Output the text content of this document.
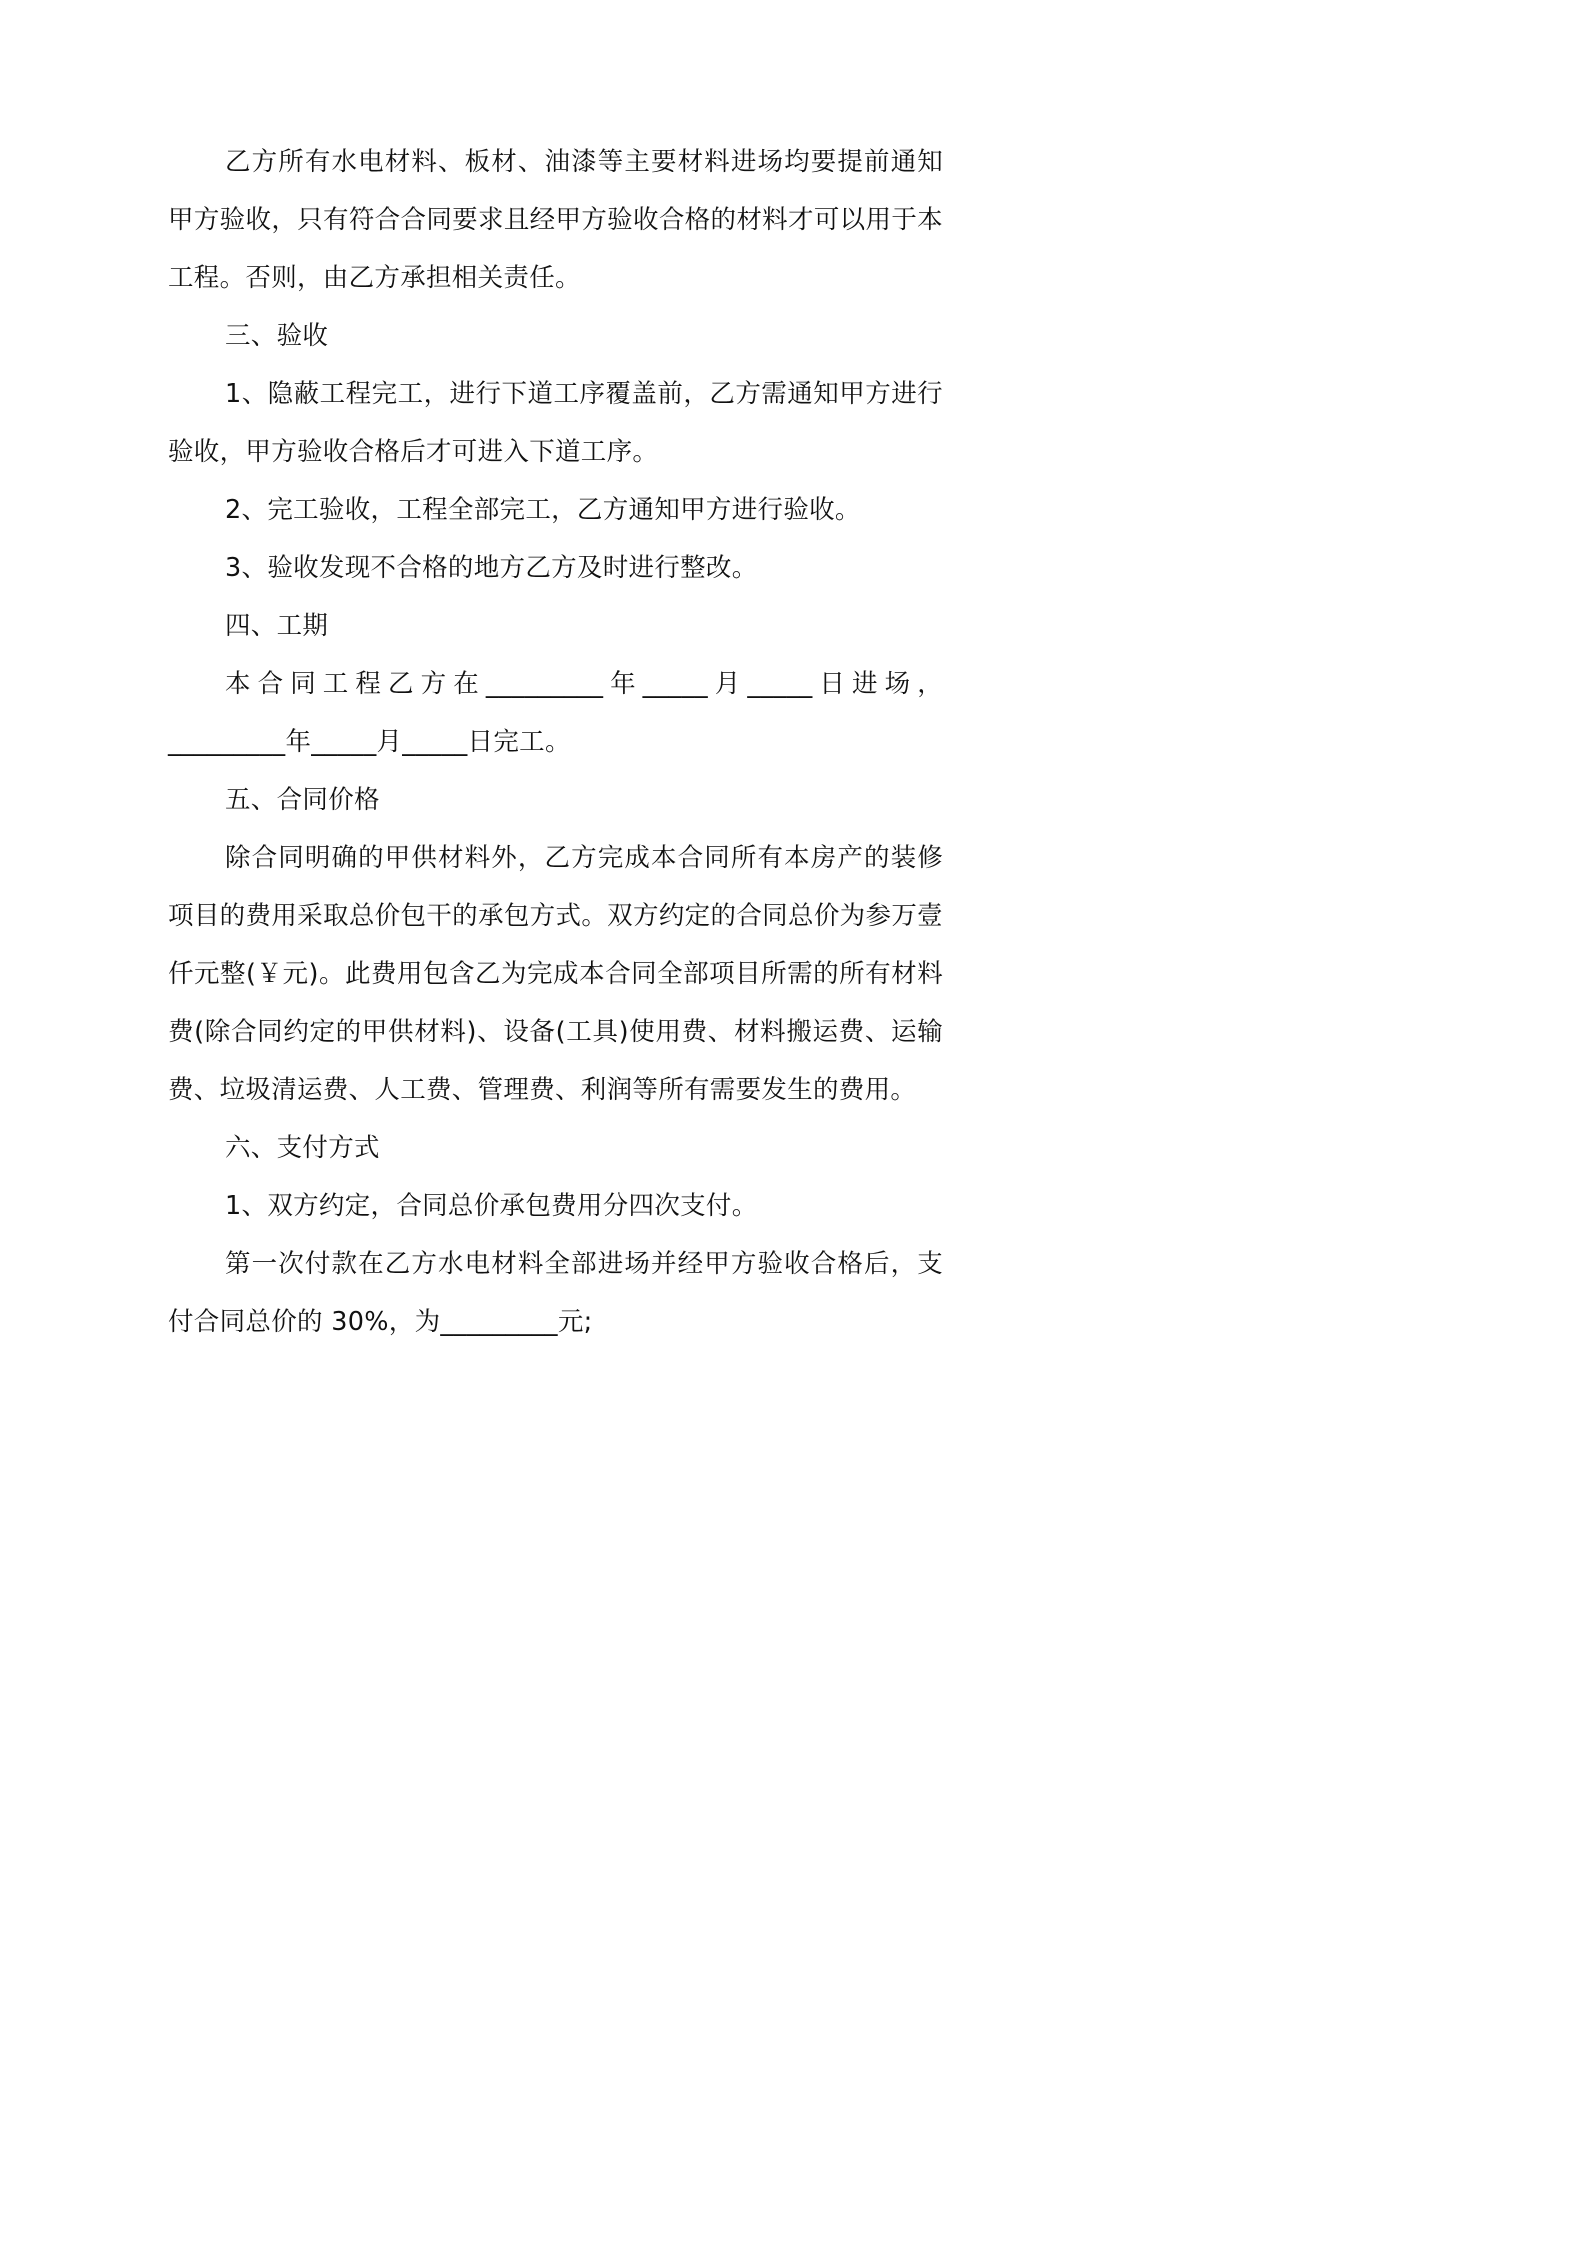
乙方所有水电材料、板材、油漆等主要材料进场均要提前通知甲方验收，只有符合合同要求且经甲方验收合格的材料才可以用于本工程。否则，由乙方承担相关责任。

三、验收

1、隐蔽工程完工，进行下道工序覆盖前，乙方需通知甲方进行验收，甲方验收合格后才可进入下道工序。

2、完工验收，工程全部完工，乙方通知甲方进行验收。

3、验收发现不合格的地方乙方及时进行整改。

四、工期

本合同工程乙方在_________年_____月_____日进场，_________年_____月_____日完工。

五、合同价格

除合同明确的甲供材料外，乙方完成本合同所有本房产的装修项目的费用采取总价包干的承包方式。双方约定的合同总价为参万壹仟元整(￥元)。此费用包含乙为完成本合同全部项目所需的所有材料费(除合同约定的甲供材料)、设备(工具)使用费、材料搬运费、运输费、垃圾清运费、人工费、管理费、利润等所有需要发生的费用。

六、支付方式

1、双方约定，合同总价承包费用分四次支付。

第一次付款在乙方水电材料全部进场并经甲方验收合格后，支付合同总价的 30%，为_________元;
